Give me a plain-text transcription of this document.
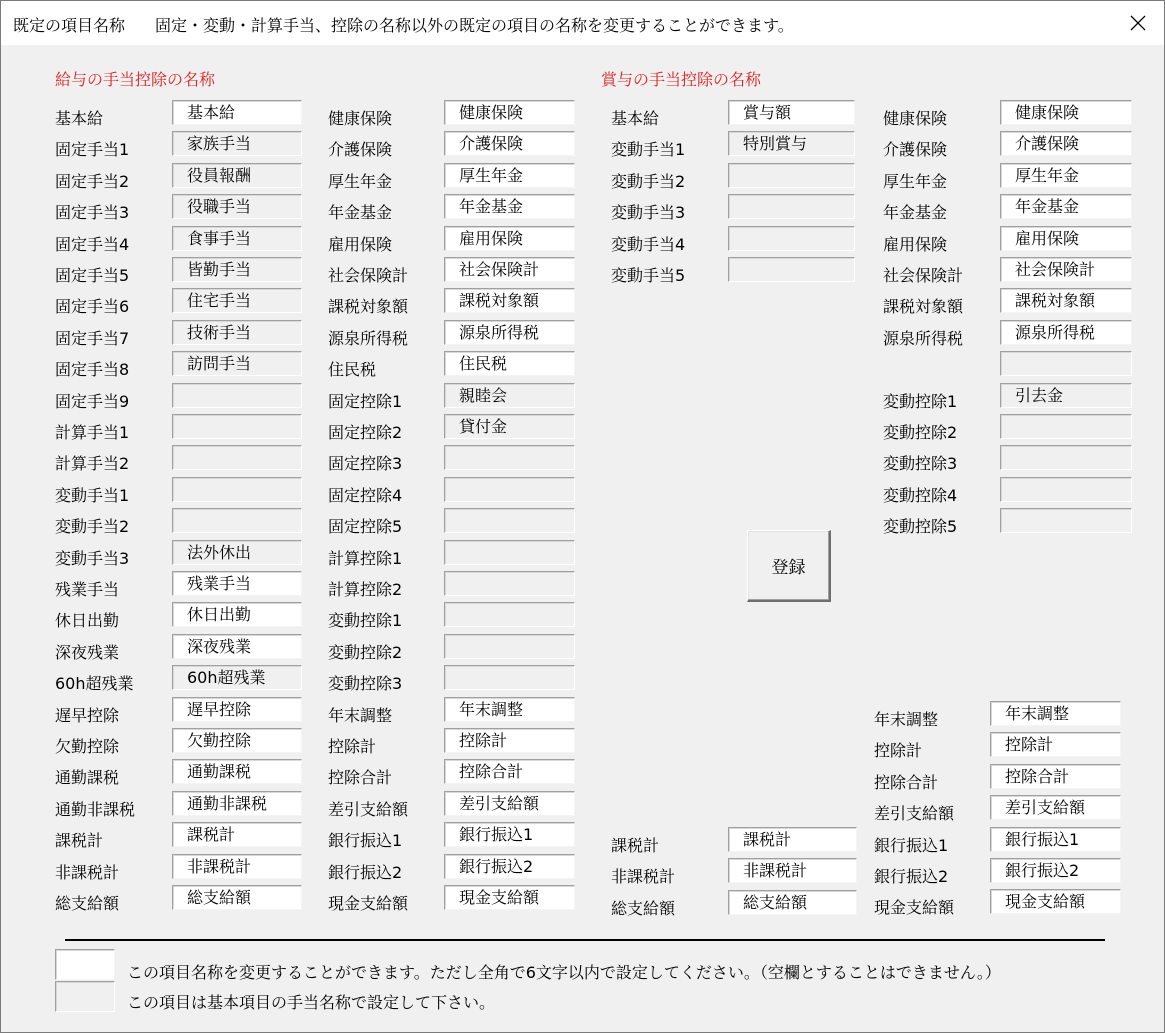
既定の項目名称 固定・変動・計算手当、控除の名称以外の既定の項目の名称を変更することができます。
給与の手当控除の名称	賞与の手当控除の名称
基本給	基本給
固定手当1	家族手当
固定手当2	役員報酬
固定手当3	役職手当
固定手当4	食事手当
固定手当5	皆勤手当
固定手当6	住宅手当
固定手当7	技術手当
固定手当8	訪問手当
固定手当9
計算手当1
計算手当2
変動手当1
変動手当2
変動手当3	法外休出
残業手当	残業手当
休日出勤	休日出勤
深夜残業	深夜残業
60h超残業	60h超残業
遅早控除	遅早控除
欠勤控除	欠勤控除
通勤課税	通勤課税
通勤非課税	通勤非課税
課税計	課税計
非課税計	非課税計
総支給額	総支給額
健康保険	健康保険
介護保険	介護保険
厚生年金	厚生年金
年金基金	年金基金
雇用保険	雇用保険
社会保険計	社会保険計
課税対象額	課税対象額
源泉所得税	源泉所得税
住民税	住民税
固定控除1	親睦会
固定控除2	貸付金
固定控除3
固定控除4
固定控除5
計算控除1
計算控除2
変動控除1
変動控除2
変動控除3
年末調整	年末調整
控除計	控除計
控除合計	控除合計
差引支給額	差引支給額
銀行振込1	銀行振込1
銀行振込2	銀行振込2
現金支給額	現金支給額
基本給	賞与額
変動手当1	特別賞与
変動手当2
変動手当3
変動手当4
変動手当5
課税計	課税計
非課税計	非課税計
総支給額	総支給額
健康保険	健康保険
介護保険	介護保険
厚生年金	厚生年金
年金基金	年金基金
雇用保険	雇用保険
社会保険計	社会保険計
課税対象額	課税対象額
源泉所得税	源泉所得税
変動控除1	引去金
変動控除2
変動控除3
変動控除4
変動控除5
年末調整	年末調整
控除計	控除計
控除合計	控除合計
差引支給額	差引支給額
銀行振込1	銀行振込1
銀行振込2	銀行振込2
現金支給額	現金支給額
登録
この項目名称を変更することができます。ただし全角で6文字以内で設定してください。（空欄とすることはできません。）
この項目は基本項目の手当名称で設定して下さい。
